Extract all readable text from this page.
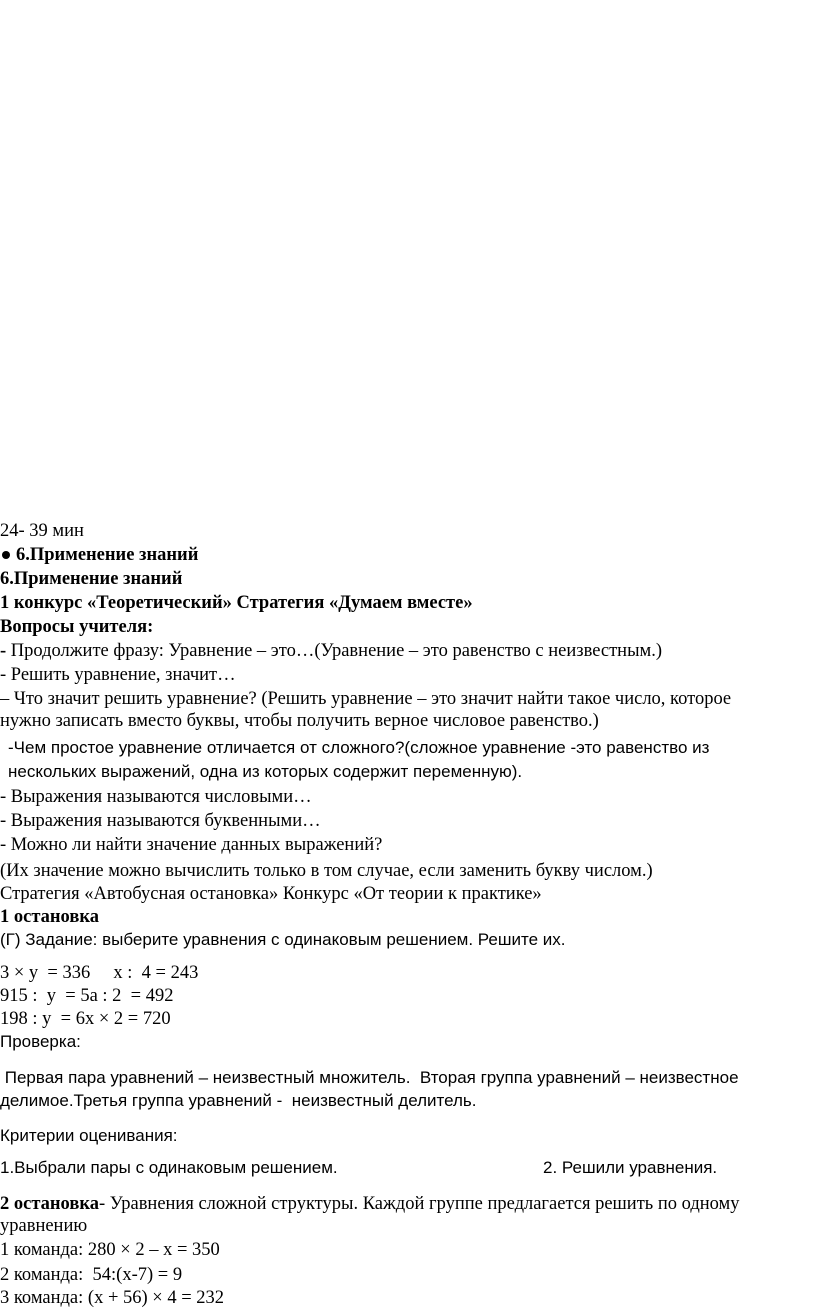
24- 39 мин
6.Применение знаний
6.Применение знаний
1 конкурс «Теоретический» Стратегия «Думаем вместе»
Вопросы учителя:
- Продолжите фразу: Уравнение – это…(Уравнение – это равенство с неизвестным.)
- Решить уравнение, значит…
– Что значит решить уравнение? (Решить уравнение – это значит найти такое число, которое
нужно записать вместо буквы, чтобы получить верное числовое равенство.)
-Чем простое уравнение отличается от сложного?(сложное уравнение -это равенство из
нескольких выражений, одна из которых содержит переменную).
- Выражения называются числовыми…
- Выражения называются буквенными…
- Можно ли найти значение данных выражений?
(Их значение можно вычислить только в том случае, если заменить букву числом.)
Стратегия «Автобусная остановка» Конкурс «От теории к практике»
1 остановка
(Г) Задание: выберите уравнения с одинаковым решением. Решите их.
3 × у  = 336     х :  4 = 243
915 :  у  = 5а : 2  = 492
198 : у  = 6х × 2 = 720
Проверка:
Первая пара уравнений – неизвестный множитель.  Вторая группа уравнений – неизвестное
делимое.Третья группа уравнений -  неизвестный делитель.
Критерии оценивания:
1.Выбрали пары с одинаковым решением.	2. Решили уравнения.
2 остановка- Уравнения сложной структуры. Каждой группе предлагается решить по одному
уравнению
1 команда: 280 × 2 – х = 350
2 команда:  54:(х-7) = 9
3 команда: (х + 56) × 4 = 232
